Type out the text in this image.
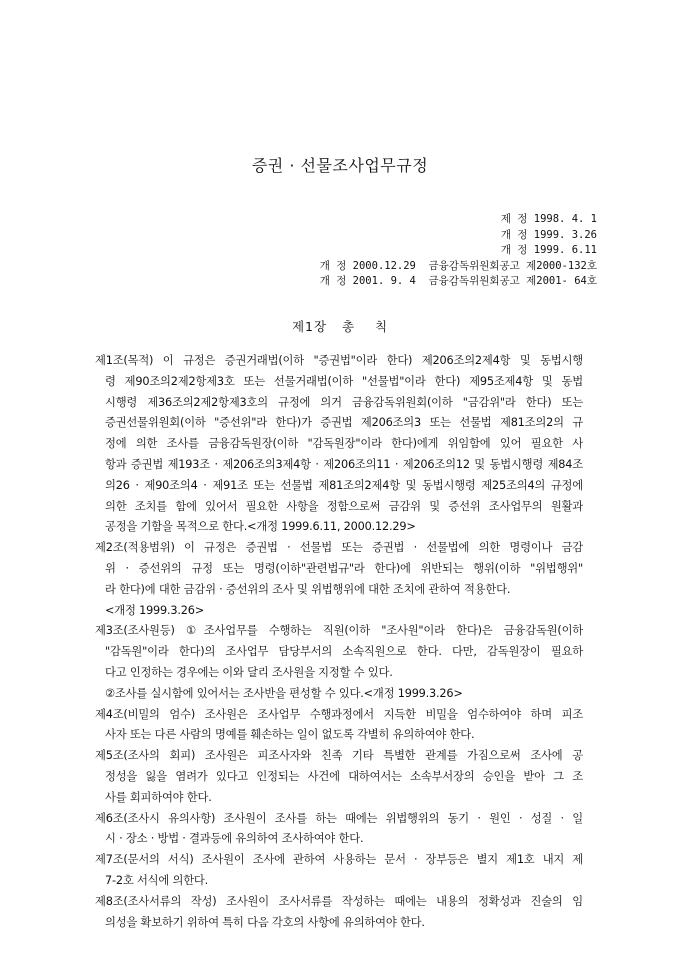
증권 · 선물조사업무규정
제 정 1998. 4. 1
개 정 1999. 3.26
개 정 1999. 6.11
개 정 2000.12.29  금융감독위원회공고 제2000-132호
개 정 2001. 9. 4  금융감독위원회공고 제2001- 64호
제1장 총    칙
제1조(목적) 이 규정은 증권거래법(이하 "증권법"이라 한다) 제206조의2제4항 및 동법시행
령 제90조의2제2항제3호 또는 선물거래법(이하 "선물법"이라 한다) 제95조제4항 및 동법
시행령 제36조의2제2항제3호의 규정에 의거 금융감독위원회(이하 "금감위"라 한다) 또는
증권선물위원회(이하 "증선위"라 한다)가 증권법 제206조의3 또는 선물법 제81조의2의 규
정에 의한 조사를 금융감독원장(이하 "감독원장"이라 한다)에게 위임함에 있어 필요한 사
항과 증권법 제193조 · 제206조의3제4항 · 제206조의11 · 제206조의12 및 동법시행령 제84조
의26 · 제90조의4 · 제91조 또는 선물법 제81조의2제4항 및 동법시행령 제25조의4의 규정에
의한 조치를 함에 있어서 필요한 사항을 정함으로써 금감위 및 증선위 조사업무의 원활과
공정을 기함을 목적으로 한다.<개정 1999.6.11, 2000.12.29>
제2조(적용범위) 이 규정은 증권법 · 선물법 또는 증권법 · 선물법에 의한 명령이나 금감
위 · 증선위의 규정 또는 명령(이하"관련법규"라 한다)에 위반되는 행위(이하 "위법행위"
라 한다)에 대한 금감위 · 증선위의 조사 및 위법행위에 대한 조치에 관하여 적용한다.
<개정 1999.3.26>
제3조(조사원등) ①조사업무를 수행하는 직원(이하 "조사원"이라 한다)은 금융감독원(이하
"감독원"이라 한다)의 조사업무 담당부서의 소속직원으로 한다. 다만, 감독원장이 필요하
다고 인정하는 경우에는 이와 달리 조사원을 지정할 수 있다.
②조사를 실시함에 있어서는 조사반을 편성할 수 있다.<개정 1999.3.26>
제4조(비밀의 엄수) 조사원은 조사업무 수행과정에서 지득한 비밀을 엄수하여야 하며 피조
사자 또는 다른 사람의 명예를 훼손하는 일이 없도록 각별히 유의하여야 한다.
제5조(조사의 회피) 조사원은 피조사자와 친족 기타 특별한 관계를 가짐으로써 조사에 공
정성을 잃을 염려가 있다고 인정되는 사건에 대하여서는 소속부서장의 승인을 받아 그 조
사를 회피하여야 한다.
제6조(조사시 유의사항) 조사원이 조사를 하는 때에는 위법행위의 동기 · 원인 · 성질 · 일
시 · 장소 · 방법 · 결과등에 유의하여 조사하여야 한다.
제7조(문서의 서식) 조사원이 조사에 관하여 사용하는 문서 · 장부등은 별지 제1호 내지 제
7-2호 서식에 의한다.
제8조(조사서류의 작성) 조사원이 조사서류를 작성하는 때에는 내용의 정확성과 진술의 임
의성을 확보하기 위하여 특히 다음 각호의 사항에 유의하여야 한다.
